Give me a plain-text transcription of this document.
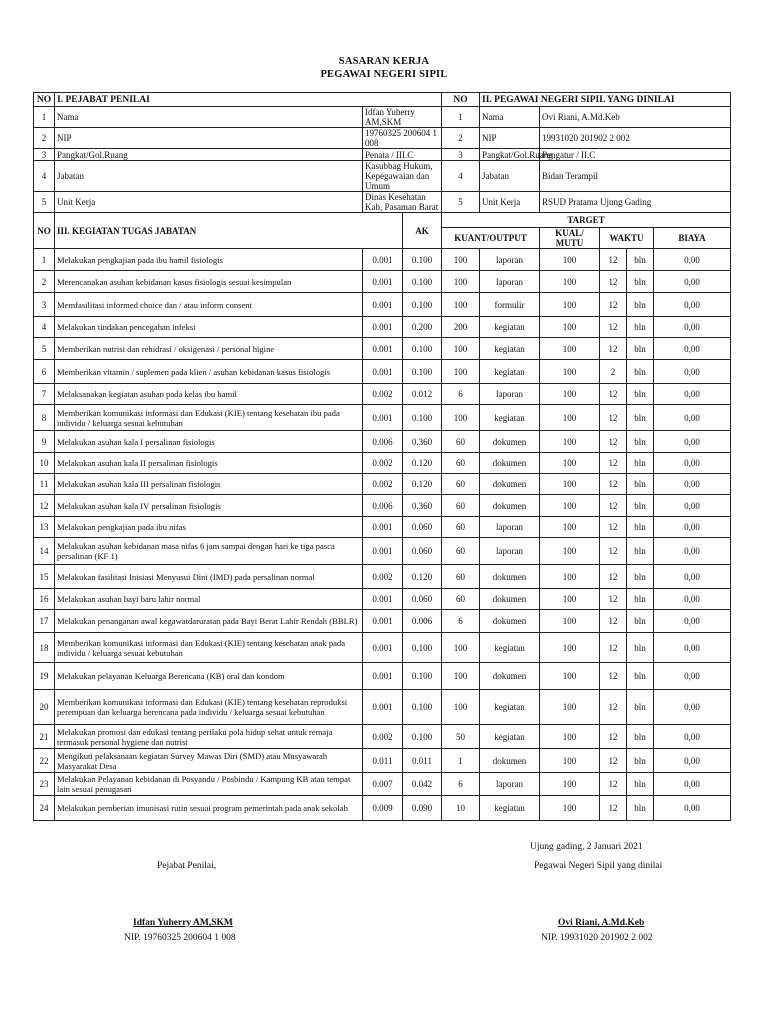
SASARAN KERJA
PEGAWAI NEGERI SIPIL
NO	I. PEJABAT PENILAI			NO	II. PEGAWAI NEGERI SIPIL YANG DINILAI				
1	Nama	Idfan Yuherry AM,SKM		1	Nama	Ovi Riani, A.Md.Keb			
2	NIP	19760325 200604 1 008		2	NIP	19931020 201902 2 002			
3	Pangkat/Gol.Ruang	Penata / III.C		3	Pangkat/Gol.Ruang	Pengatur / II.C			
4	Jabatan	Kasubbag Hukum, Kepegawaian dan Umum		4	Jabatan	Bidan Terampil			
5	Unit Kerja	Dinas Kesehatan Kab, Pasaman Barat		5	Unit Kerja	RSUD Pratama Ujung Gading			
NO	III. KEGIATAN TUGAS JABATAN		AK	TARGET					
				KUANT/OUTPUT		KUAL/ MUTU	WAKTU		BIAYA
1	Melakukan pengkajian pada ibu hamil fisiologis	0.001	0.100	100	laporan	100	12	bln	0,00
2	Merencanakan asuhan kebidanan kasus fisiologis sesuai kesimpulan	0.001	0.100	100	laporan	100	12	bln	0,00
3	Memfasilitasi informed choice dan / atau inform consent	0.001	0.100	100	formulir	100	12	bln	0,00
4	Melakukan tindakan pencegahan infeksi	0.001	0.200	200	kegiatan	100	12	bln	0,00
5	Memberikan nutrisi dan rehidrasi / oksigenasi / personal higine	0.001	0.100	100	kegiatan	100	12	bln	0,00
6	Memberikan vitamin / suplemen pada klien / asuhan kebidanan kasus fisiologis	0.001	0.100	100	kegiatan	100	2	bln	0,00
7	Melaksanakan kegiatan asuhan pada kelas ibu hamil	0.002	0.012	6	laporan	100	12	bln	0,00
8	Memberikan komunikasi informasi dan Edukasi (KIE) tentang kesehatan ibu pada individu / keluarga sesuai kebutuhan	0.001	0.100	100	kegiatan	100	12	bln	0,00
9	Melakukan asuhan kala I persalinan fisiologis	0.006	0.360	60	dokumen	100	12	bln	0,00
10	Melakukan asuhan kala II persalinan fisiologis	0.002	0.120	60	dokumen	100	12	bln	0,00
11	Melakukan asuhan kala III persalinan fisiologis	0.002	0.120	60	dokumen	100	12	bln	0,00
12	Melakukan asuhan kala IV persalinan fisiologis	0.006	0.360	60	dokumen	100	12	bln	0,00
13	Melakukan pengkajian pada ibu nifas	0.001	0.060	60	laporan	100	12	bln	0,00
14	Melakukan asuhan kebidanan masa nifas 6 jam sampai dengan hari ke tiga pasca persalinan (KF 1)	0.001	0.060	60	laporan	100	12	bln	0,00
15	Melakukan fasilitasi Inisiasi Menyusui Dini (IMD) pada persalinan normal	0.002	0.120	60	dokumen	100	12	bln	0,00
16	Melakukan asuhan bayi baru lahir normal	0.001	0.060	60	dokumen	100	12	bln	0,00
17	Melakukan penanganan awal kegawatdaruratan pada Bayi Berat Lahir Rendah (BBLR)	0.001	0.006	6	dokumen	100	12	bln	0,00
18	Memberikan komunikasi informasi dan Edukasi (KIE) tentang kesehatan anak pada individu / keluarga sesuai kebutuhan	0.001	0.100	100	kegiatan	100	12	bln	0,00
19	Melakukan pelayanan Keluarga Berencana (KB) oral dan kondom	0.001	0.100	100	dokumen	100	12	bln	0,00
20	Memberikan komunikasi informasi dan Edukasi (KIE) tentang kesehatan reproduksi perempuan dan keluarga berencana pada individu / keluarga sesuai kebutuhan	0.001	0.100	100	kegiatan	100	12	bln	0,00
21	Melakukan promosi dan edukasi tentang perilaku pola hidup sehat untuk remaja termasuk personal hygiene dan nutrisi	0.002	0.100	50	kegiatan	100	12	bln	0,00
22	Mengikuti pelaksanaan kegiatan Survey Mawas Diri (SMD) atau Musyawarah Masyarakat Desa	0.011	0.011	1	dokumen	100	12	bln	0,00
23	Melakukan Pelayanan kebidanan di Posyandu / Posbindu / Kampung KB atau tempat lain sesuai penugasan	0.007	0.042	6	laporan	100	12	bln	0,00
24	Melakukan pemberian imunisasi rutin sesuai program pemerintah pada anak sekolah	0.009	0.090	10	kegiatan	100	12	bln	0,00
Ujung gading, 2 Januari 2021
Pejabat Penilai,	Pegawai Negeri Sipil yang dinilai
Idfan Yuherry AM,SKM	Ovi Riani, A.Md.Keb
NIP. 19760325 200604 1 008	NIP. 19931020 201902 2 002
